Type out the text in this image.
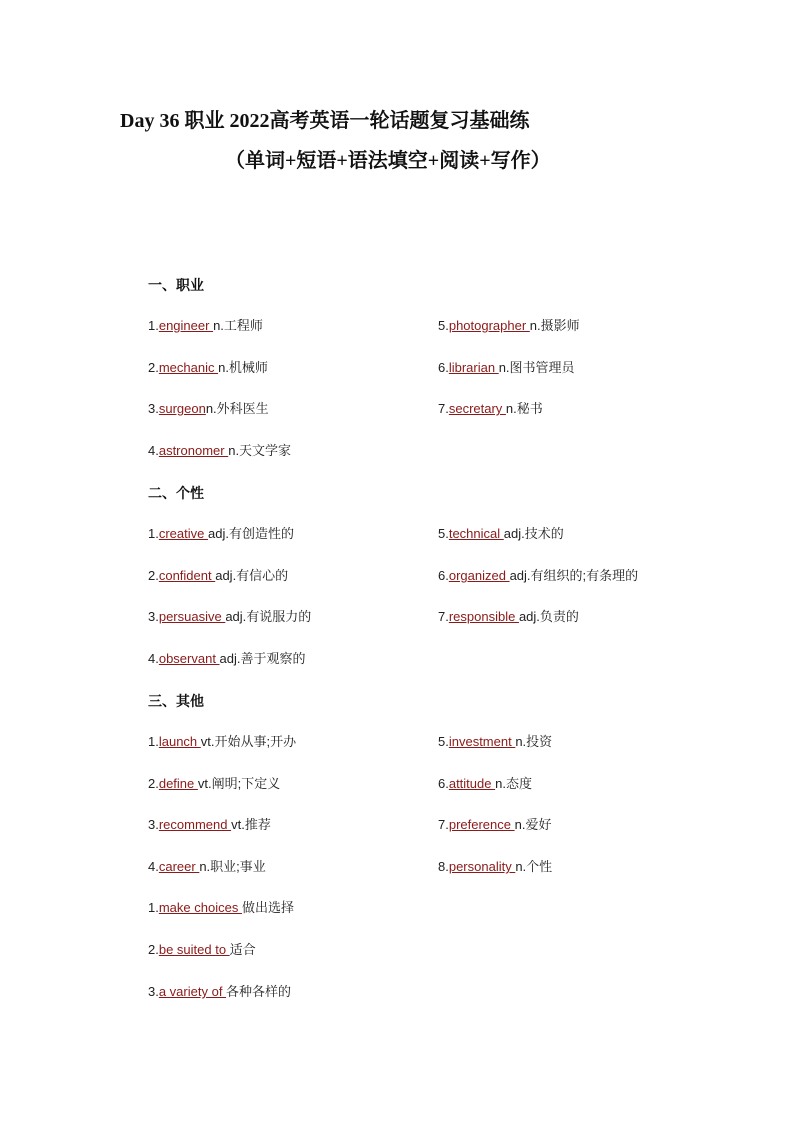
Day 36 职业 2022高考英语一轮话题复习基础练
（单词+短语+语法填空+阅读+写作）
一、职业
1.engineer n.工程师
2.mechanic n.机械师
3.surgeonn.外科医生
4.astronomer n.天文学家
5.photographer n.摄影师
6.librarian n.图书管理员
7.secretary n.秘书
二、个性
1.creative adj.有创造性的
2.confident adj.有信心的
3.persuasive adj.有说服力的
4.observant adj.善于观察的
5.technical adj.技术的
6.organized adj.有组织的;有条理的
7.responsible adj.负责的
三、其他
1.launch vt.开始从事;开办
2.define vt.阐明;下定义
3.recommend vt.推荐
4.career n.职业;事业
5.investment n.投资
6.attitude n.态度
7.preference n.爱好
8.personality n.个性
1.make choices 做出选择
2.be suited to 适合
3.a variety of 各种各样的
